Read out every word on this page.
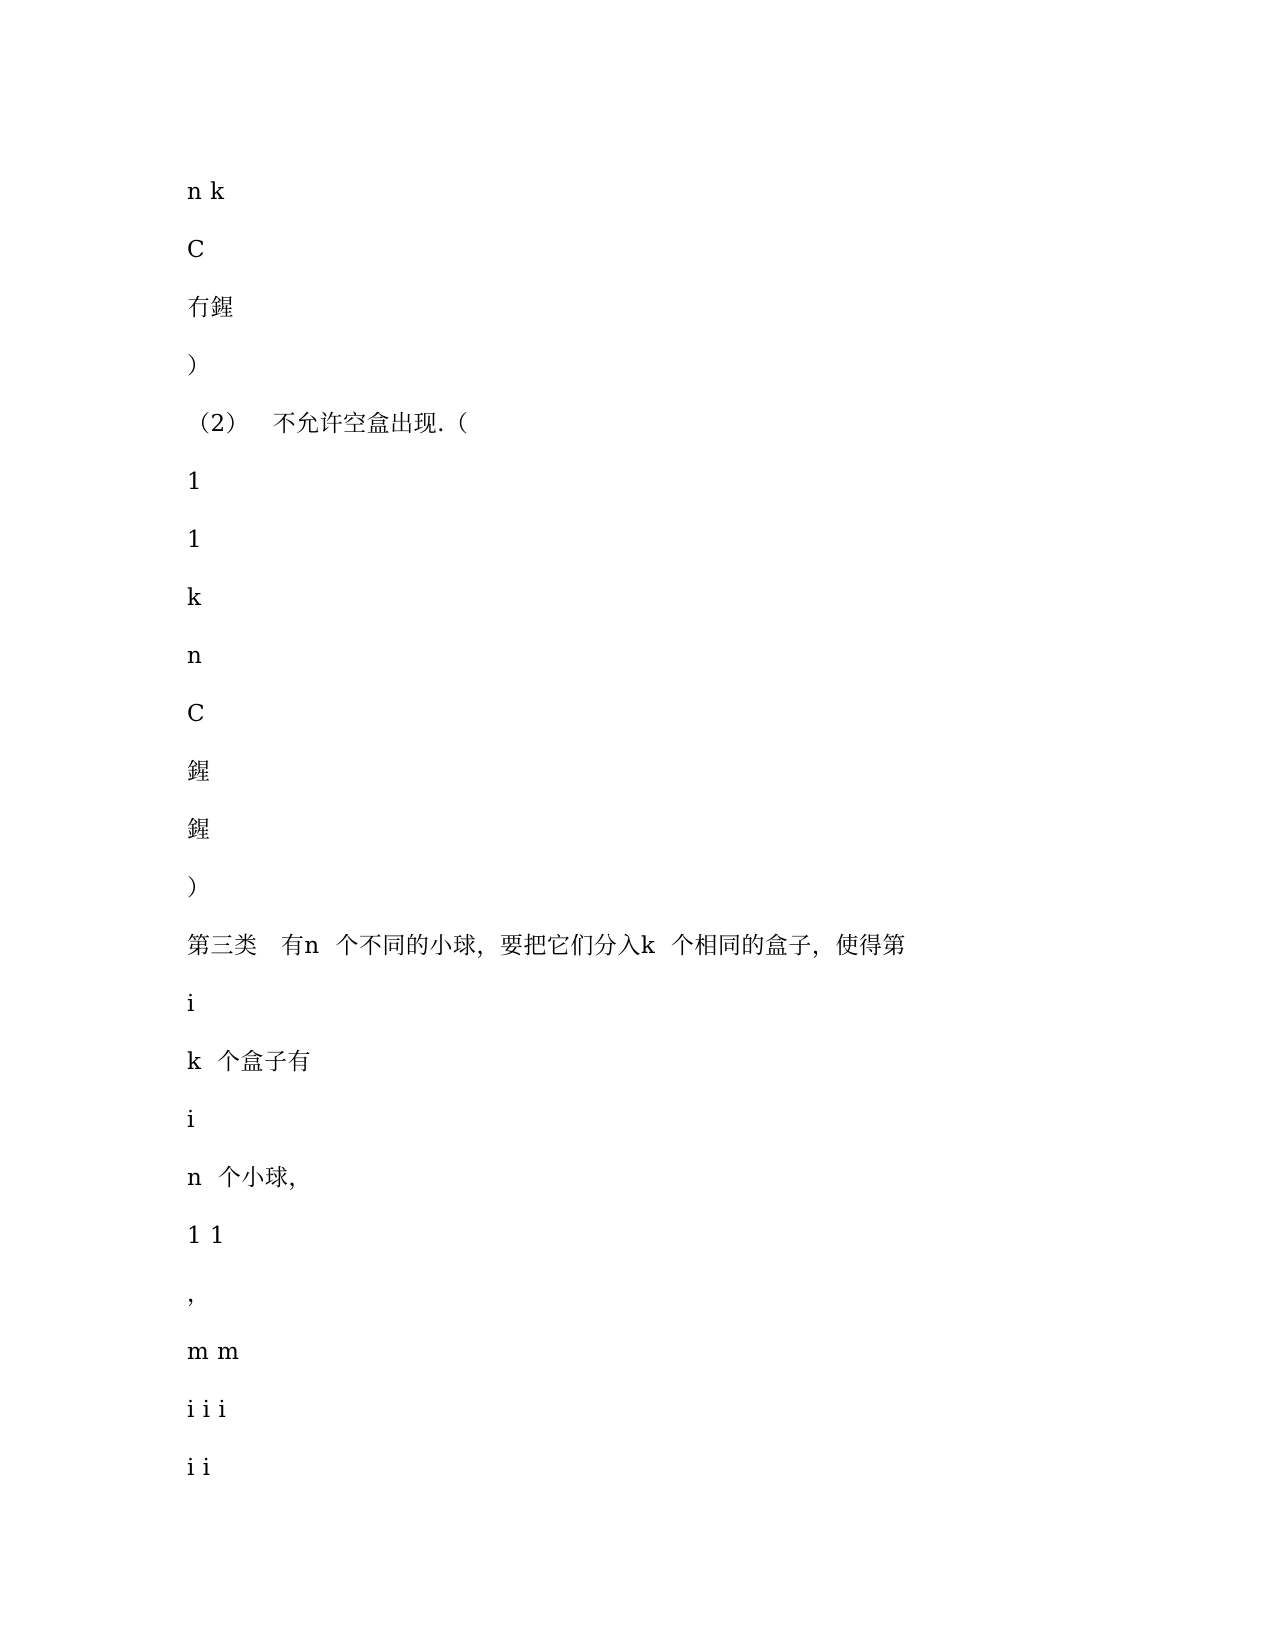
n k
C
冇鍟
）
（2）   不允许空盒出现.（
1
1
k
n
C
鍟
鍟
）
第三类   有n  个不同的小球，要把它们分入k  个相同的盒子，使得第
i
k  个盒子有
i
n  个小球，
1 1
，
m m
i i i
i i
